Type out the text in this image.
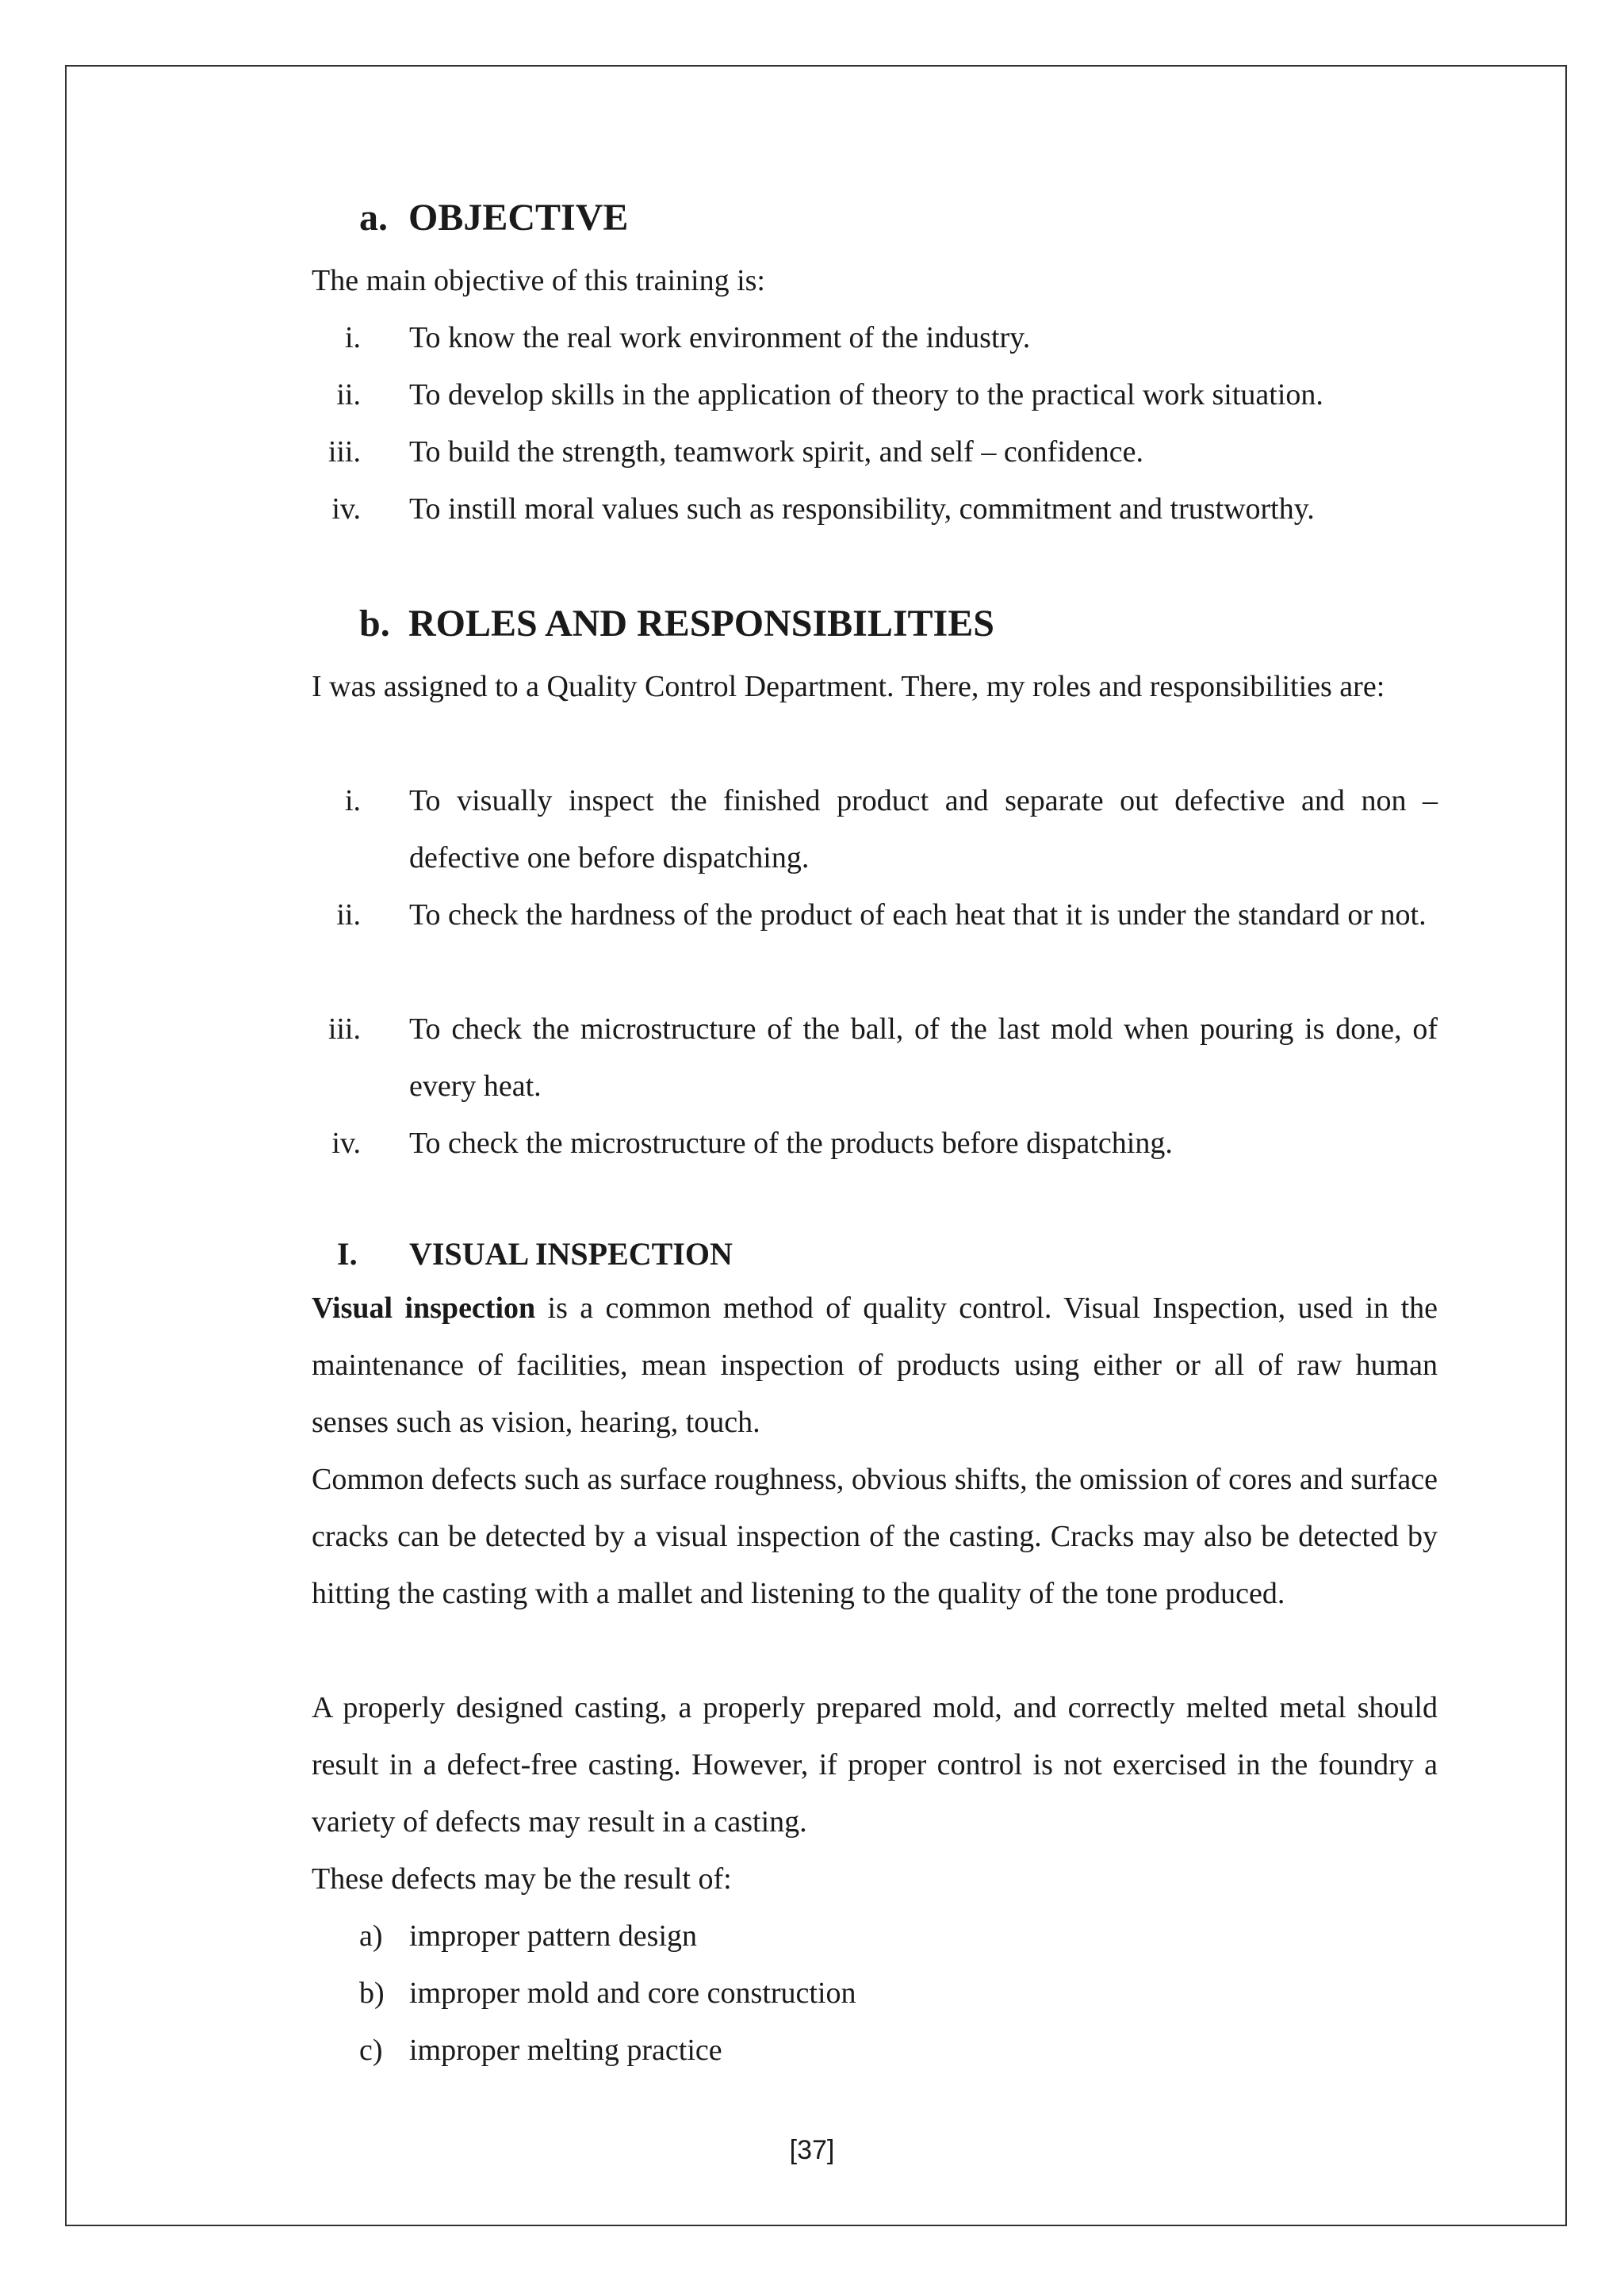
a. OBJECTIVE
The main objective of this training is:
i. To know the real work environment of the industry.
ii. To develop skills in the application of theory to the practical work situation.
iii. To build the strength, teamwork spirit, and self – confidence.
iv. To instill moral values such as responsibility, commitment and trustworthy.
b. ROLES AND RESPONSIBILITIES
I was assigned to a Quality Control Department. There, my roles and responsibilities are:
i. To visually inspect the finished product and separate out defective and non – defective one before dispatching.
ii. To check the hardness of the product of each heat that it is under the standard or not.
iii. To check the microstructure of the ball, of the last mold when pouring is done, of every heat.
iv. To check the microstructure of the products before dispatching.
I. VISUAL INSPECTION
Visual inspection is a common method of quality control. Visual Inspection, used in the maintenance of facilities, mean inspection of products using either or all of raw human senses such as vision, hearing, touch.
Common defects such as surface roughness, obvious shifts, the omission of cores and surface cracks can be detected by a visual inspection of the casting. Cracks may also be detected by hitting the casting with a mallet and listening to the quality of the tone produced.
A properly designed casting, a properly prepared mold, and correctly melted metal should result in a defect-free casting. However, if proper control is not exercised in the foundry a variety of defects may result in a casting.
These defects may be the result of:
a) improper pattern design
b) improper mold and core construction
c) improper melting practice
[37]
